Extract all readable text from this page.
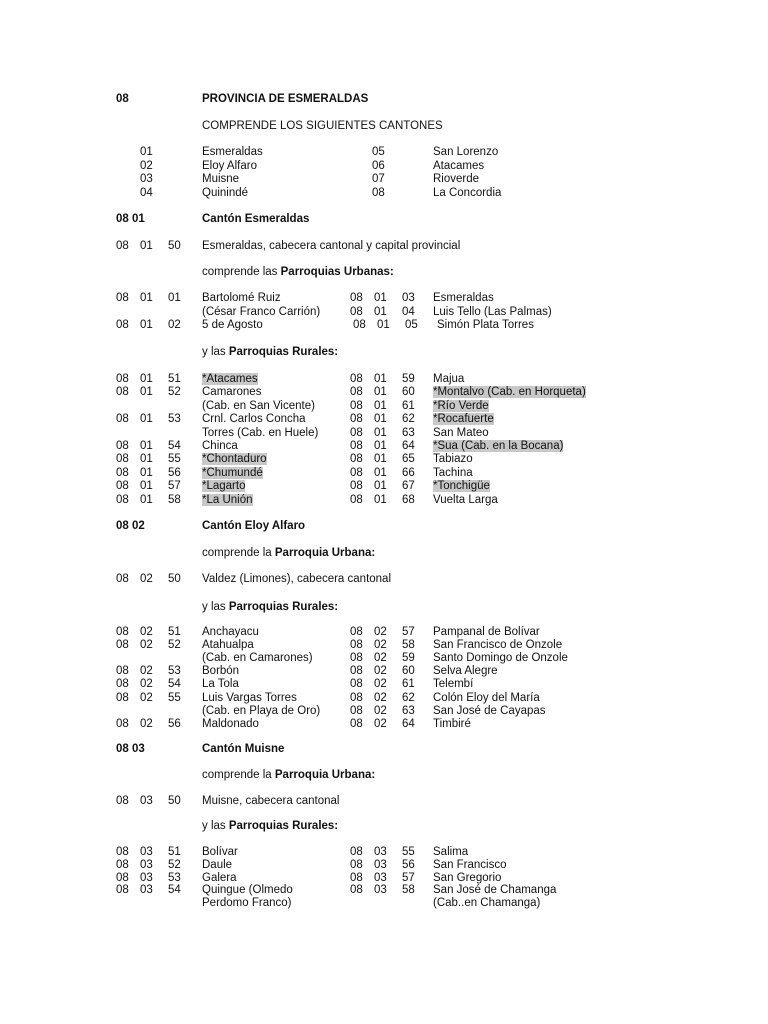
08	PROVINCIA DE ESMERALDAS
COMPRENDE LOS SIGUIENTES CANTONES
01	Esmeraldas	05	San Lorenzo
02	Eloy Alfaro	06	Atacames
03	Muisne	07	Rioverde
04	Quinindé	08	La Concordia
08 01	Cantón Esmeraldas
08 01 50 Esmeraldas, cabecera cantonal y capital provincial
comprende las Parroquias Urbanas:
08 01 01 Bartolomé Ruiz	08 01 03 Esmeraldas
(César Franco Carrión)	08 01 04 Luis Tello (Las Palmas)
08 01 02 5 de Agosto	08 01 05 Simón Plata Torres
y las Parroquias Rurales:
08 01 51 *Atacames	08 01 59 Majua
08 01 52 Camarones	08 01 60 *Montalvo (Cab. en Horqueta)
(Cab. en San Vicente)	08 01 61 *Río Verde
08 01 53 Crnl. Carlos Concha	08 01 62 *Rocafuerte
Torres (Cab. en Huele)	08 01 63 San Mateo
08 01 54 Chinca	08 01 64 *Sua (Cab. en la Bocana)
08 01 55 *Chontaduro	08 01 65 Tabiazo
08 01 56 *Chumundé	08 01 66 Tachina
08 01 57 *Lagarto	08 01 67 *Tonchigüe
08 01 58 *La Unión	08 01 68 Vuelta Larga
08 02	Cantón Eloy Alfaro
comprende la Parroquia Urbana:
08 02 50 Valdez (Limones), cabecera cantonal
y las Parroquias Rurales:
08 02 51 Anchayacu	08 02 57 Pampanal de Bolívar
08 02 52 Atahualpa	08 02 58 San Francisco de Onzole
(Cab. en Camarones)	08 02 59 Santo Domingo de Onzole
08 02 53 Borbón	08 02 60 Selva Alegre
08 02 54 La Tola	08 02 61 Telembí
08 02 55 Luis Vargas Torres	08 02 62 Colón Eloy del María
(Cab. en Playa de Oro)	08 02 63 San José de Cayapas
08 02 56 Maldonado	08 02 64 Timbiré
08 03	Cantón Muisne
comprende la Parroquia Urbana:
08 03 50 Muisne, cabecera cantonal
y las Parroquias Rurales:
08 03 51 Bolívar	08 03 55 Salima
08 03 52 Daule	08 03 56 San Francisco
08 03 53 Galera	08 03 57 San Gregorio
08 03 54 Quingue (Olmedo	08 03 58 San José de Chamanga
Perdomo Franco)	(Cab..en Chamanga)
